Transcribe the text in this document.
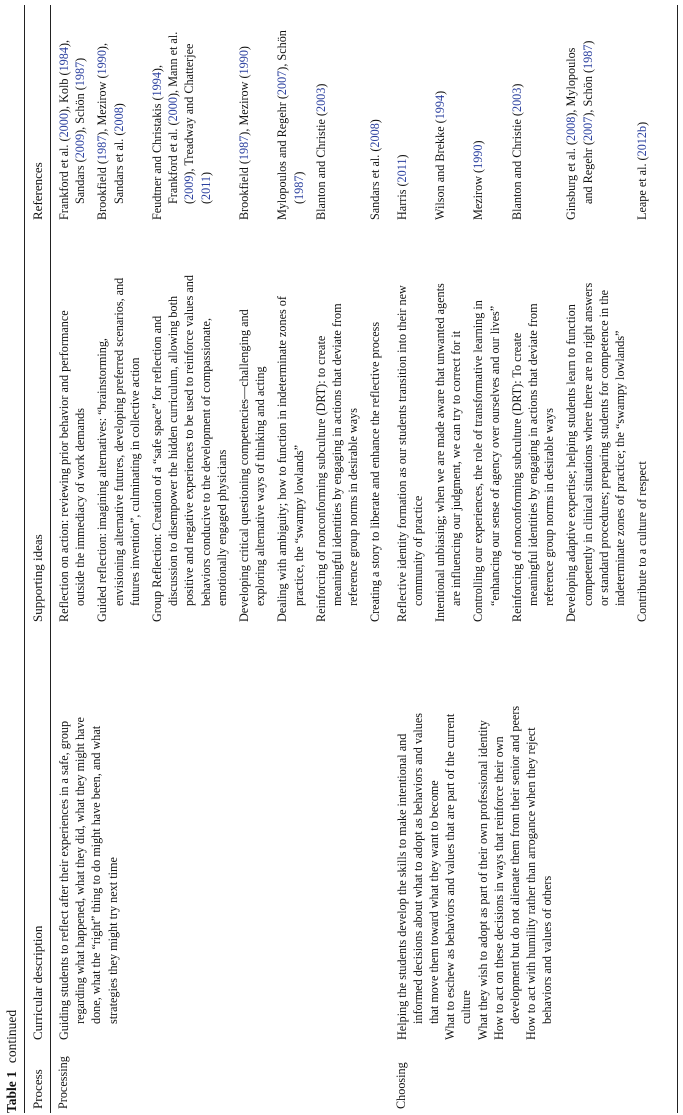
Table 1continued
Process
Curricular description
Supporting ideas
References
Processing
Guiding students to reflect after their experiences in a safe, group regarding what happened, what they did, what they might have done, what the “right” thing to do might have been, and what strategies they might try next time
Choosing
Helping the students develop the skills to make intentional and informed decisions about what to adopt as behaviors and values that move them toward what they want to become What to eschew as behaviors and values that are part of the current culture What they wish to adopt as part of their own professional identity How to act on these decisions in ways that reinforce their own development but do not alienate them from their senior and peers How to act with humility rather than arrogance when they reject behaviors and values of others
Reflection on action: reviewing prior behavior and performance outside the immediacy of work demands
Frankford et al. (2000), Kolb (1984),
Sandars (2009), Schön (1987)
Guided reflection: imagining alternatives: “brainstorming, envisioning alternative futures, developing preferred scenarios, and futures invention”, culminating in collective action
Brookfield (1987), Mezirow (1990),
Sandars et al. (2008)
Group Reflection: Creation of a “safe space” for reflection and discussion to disempower the hidden curriculum, allowing both positive and negative experiences to be used to reinforce values and behaviors conducive to the development of compassionate, emotionally engaged physicians
Feudtner and Christakis (1994),
Frankford et al. (2000), Mann et al.
(2009), Treadway and Chatterjee
(2011)
Developing critical questioning competencies—challenging and exploring alternative ways of thinking and acting
Brookfield (1987), Mezirow (1990)
Dealing with ambiguity; how to function in indeterminate zones of practice, the “swampy lowlands”
Mylopoulos and Regehr (2007), Schön
(1987)
Reinforcing of nonconforming subculture (DRT): to create meaningful identities by engaging in actions that deviate from reference group norms in desirable ways
Blanton and Christie (2003)
Creating a story to liberate and enhance the reflective process
Sandars et al. (2008)
Reflective identity formation as our students transition into their new community of practice
Harris (2011)
Intentional unbiasing; when we are made aware that unwanted agents are influencing our judgment, we can try to correct for it
Wilson and Brekke (1994)
Controlling our experiences, the role of transformative learning in “enhancing our sense of agency over ourselves and our lives”
Mezirow (1990)
Reinforcing of nonconforming subculture (DRT): To create meaningful identities by engaging in actions that deviate from reference group norms in desirable ways
Blanton and Christie (2003)
Developing adaptive expertise; helping students learn to function competently in clinical situations where there are no right answers or standard procedures; preparing students for competence in the indeterminate zones of practice; the “swampy lowlands”
Ginsburg et al. (2008), Mylopoulos
and Regehr (2007), Schön (1987)
Contribute to a culture of respect
Leape et al. (2012b)
